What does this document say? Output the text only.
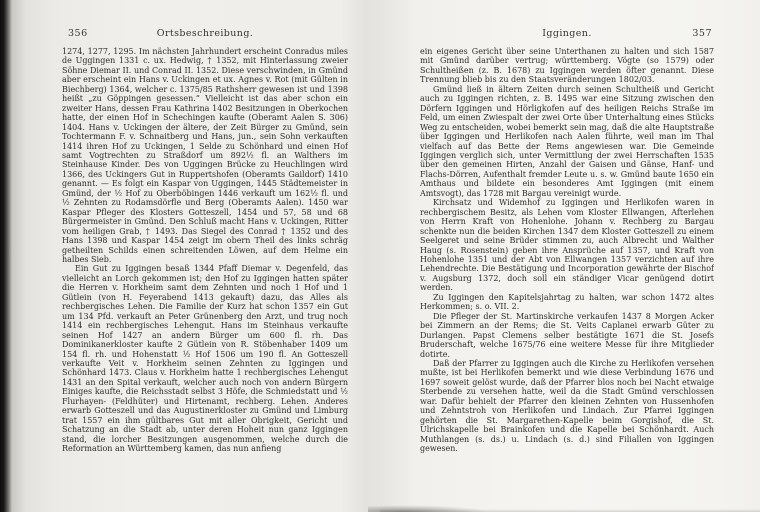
356	Ortsbeschreibung.

1274, 1277, 1295. Im nächsten Jahrhundert erscheint Conradus miles de Uggingen 1331 c. ux. Hedwig, † 1352, mit Hinterlassung zweier Söhne Diemar II. und Conrad II. 1352. Diese verschwinden, in Gmünd aber erscheint ein Hans v. Uckingen et ux. Agnes v. Rot (mit Gülten in Biechberg) 1364, welcher c. 1375/85 Rathsherr gewesen ist und 1398 heißt „zu Göppingen gesessen.“ Vielleicht ist das aber schon ein zweiter Hans, dessen Frau Kathrina 1402 Besitzungen in Oberkochen hatte, der einen Hof in Schechingen kaufte (Oberamt Aalen S. 306) 1404. Hans v. Uckingen der ältere, der Zeit Bürger zu Gmünd, sein Tochtermann F. v. Schnaitberg und Hans, jun., sein Sohn verkauften 1414 ihren Hof zu Uckingen, 1 Selde zu Schönhard und einen Hof samt Vogtrechten zu Straßdorf um 892½ fl. an Walthers im Steinhause Kinder. Des von Uggingen Brücke zu Heuchlingen wird 1366, des Uckingers Gut in Ruppertshofen (Oberamts Gaildorf) 1410 genannt. — Es folgt ein Kaspar von Uggingen, 1445 Städtemeister in Gmünd, der ½ Hof zu Oberböbingen 1446 verkauft um 162½ fl. und ½ Zehnten zu Rodamsdörfle und Berg (Oberamts Aalen). 1450 war Kaspar Pfleger des Klosters Gotteszell, 1454 und 57, 58 und 68 Bürgermeister in Gmünd. Den Schluß macht Hans v. Uckingen, Ritter vom heiligen Grab, † 1493. Das Siegel des Conrad † 1352 und des Hans 1398 und Kaspar 1454 zeigt im obern Theil des links schräg getheilten Schilds einen schreitenden Löwen, auf dem Helme ein halbes Sieb.

Ein Gut zu Iggingen besaß 1344 Pfaff Diemar v. Degenfeld, das vielleicht an Lorch gekommen ist; den Hof zu Iggingen hatten später die Herren v. Horkheim samt dem Zehnten und noch 1 Hof und 1 Gütlein (von H. Feyerabend 1413 gekauft) dazu, das Alles als rechbergisches Lehen. Die Familie der Kurz hat schon 1357 ein Gut um 134 Pfd. verkauft an Peter Grünenberg den Arzt, und trug noch 1414 ein rechbergisches Lehengut. Hans im Steinhaus verkaufte seinen Hof 1427 an andern Bürger um 600 fl. rh. Das Dominikanerkloster kaufte 2 Gütlein von R. Stöbenhaber 1409 um 154 fl. rh. und Hohenstatt ½ Hof 1506 um 190 fl. An Gotteszell verkaufte Veit v. Horkheim seinen Zehnten zu Iggingen und Schönhard 1473. Claus v. Horkheim hatte 1 rechbergisches Lehengut 1431 an den Spital verkauft, welcher auch noch von andern Bürgern Einiges kaufte, die Reichsstadt selbst 3 Höfe, die Schmiedstatt und ½ Flurhayen- (Feldhüter) und Hirtenamt, rechberg. Lehen. Anderes erwarb Gotteszell und das Augustinerkloster zu Gmünd und Limburg trat 1557 ein ihm gültbares Gut mit aller Obrigkeit, Gericht und Schatzung an die Stadt ab, unter deren Hoheit nun ganz Iggingen stand, die lorcher Besitzungen ausgenommen, welche durch die Reformation an Württemberg kamen, das nun anfieng

Iggingen.	357

ein eigenes Gericht über seine Unterthanen zu halten und sich 1587 mit Gmünd darüber vertrug; württemberg. Vögte (so 1579) oder Schultheißen (z. B. 1678) zu Iggingen werden öfter genannt. Diese Trennung blieb bis zu den Staatsveränderungen 1802/03.

Gmünd ließ in ältern Zeiten durch seinen Schultheiß und Gericht auch zu Iggingen richten, z. B. 1495 war eine Sitzung zwischen den Dörfern Iggingen und Hörligkofen auf des heiligen Reichs Straße im Feld, um einen Zwiespalt der zwei Orte über Unterhaltung eines Stücks Weg zu entscheiden, wobei bemerkt sein mag, daß die alte Hauptstraße über Iggingen und Herlikofen nach Aalen führte, weil man im Thal vielfach auf das Bette der Rems angewiesen war. Die Gemeinde Iggingen verglich sich, unter Vermittlung der zwei Herrschaften 1535 über den gemeinen Hirten, Anzahl der Gaisen und Gänse, Hanf- und Flachs-Dörren, Aufenthalt fremder Leute u. s. w. Gmünd baute 1650 ein Amthaus und bildete ein besonderes Amt Iggingen (mit einem Amtsvogt), das 1728 mit Bargau vereinigt wurde.

Kirchsatz und Widemhof zu Iggingen und Herlikofen waren in rechbergischem Besitz, als Lehen vom Kloster Ellwangen, Afterlehen von Herrn Kraft von Hohenlohe. Johann v. Rechberg zu Bargau schenkte nun die beiden Kirchen 1347 dem Kloster Gotteszell zu einem Seelgeret und seine Brüder stimmen zu, auch Albrecht und Walther Haug (s. Rosenstein) geben ihre Ansprüche auf 1357, und Kraft von Hohenlohe 1351 und der Abt von Ellwangen 1357 verzichten auf ihre Lehendrechte. Die Bestätigung und Incorporation gewährte der Bischof v. Augsburg 1372, doch soll ein ständiger Vicar genügend dotirt werden.

Zu Iggingen den Kapitelsjahrtag zu halten, war schon 1472 altes Herkommen; s. o. VII. 2.

Die Pfleger der St. Martinskirche verkaufen 1437 8 Morgen Acker bei Zimmern an der Rems; die St. Veits Caplanei erwarb Güter zu Durlangen. Papst Clemens selber bestätigte 1671 die St. Josefs Bruderschaft, welche 1675/76 eine weitere Messe für ihre Mitglieder dotirte.

Daß der Pfarrer zu Iggingen auch die Kirche zu Herlikofen versehen mußte, ist bei Herlikofen bemerkt und wie diese Verbindung 1676 und 1697 soweit gelöst wurde, daß der Pfarrer blos noch bei Nacht etwaige Sterbende zu versehen hatte, weil da die Stadt Gmünd verschlossen war. Dafür behielt der Pfarrer den kleinen Zehnten von Hussenhofen und Zehntstroh von Herlikofen und Lindach. Zur Pfarrei Iggingen gehörten die St. Margarethen-Kapelle beim Gorgishof, die St. Ulrichskapelle bei Brainkofen und die Kapelle bei Schönhardt. Auch Muthlangen (s. ds.) u. Lindach (s. d.) sind Filiallen von Iggingen gewesen.
